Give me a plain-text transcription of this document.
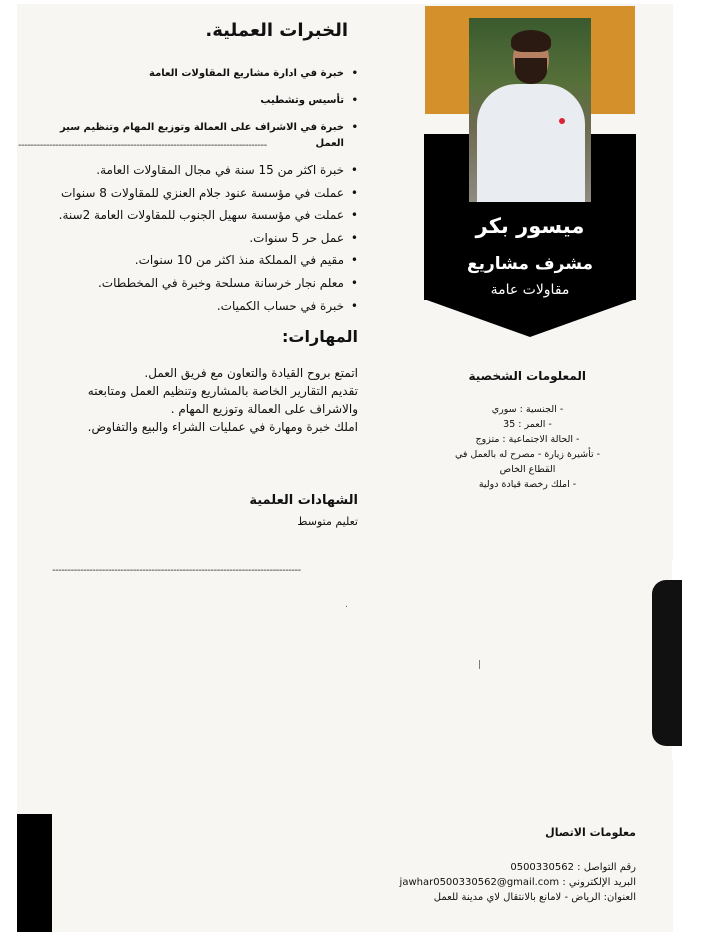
ميسور بكر
مشرف مشاريع
مقاولات عامة
الخبرات العملية.
• خبرة في ادارة مشاريع المقاولات العامة
• تأسيس وتشطيب
• خبرة في الاشراف على العمالة وتوزيع المهام وتنظيم سير العمل
--------------------------------------------------------------------------------
• خبرة اكثر من 15 سنة في مجال المقاولات العامة.
• عملت في مؤسسة عنود جلام العنزي للمقاولات 8 سنوات
• عملت في مؤسسة سهيل الجنوب للمقاولات العامة 2سنة.
• عمل حر 5 سنوات.
• مقيم في المملكة منذ اكثر من 10 سنوات.
• معلم نجار خرسانة مسلحة وخبرة في المخططات.
• خبرة في حساب الكميات.
المهارات:
اتمتع بروح القيادة والتعاون مع فريق العمل.
تقديم التقارير الخاصة بالمشاريع وتنظيم العمل ومتابعته
والاشراف على العمالة وتوزيع المهام .
املك خبرة ومهارة في عمليات الشراء والبيع والتفاوض.
الشهادات العلمية
تعليم متوسط
--------------------------------------------------------------------------------
المعلومات الشخصية
- الجنسية : سوري
- العمر : 35
- الحالة الاجتماعية : متزوج
- تأشيرة زيارة - مصرح له بالعمل في
القطاع الخاص
- املك رخصة قيادة دولية
.
|
معلومات الاتصال
رقم التواصل : 0500330562
البريد الإلكتروني : jawhar0500330562@gmail.com
العنوان: الرياض - لامانع بالانتقال لاي مدينة للعمل
